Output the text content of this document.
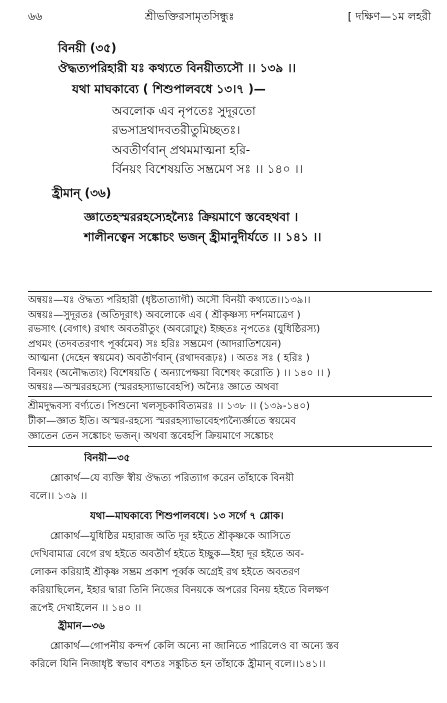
৬৬	শ্রীভক্তিরসামৃতসিন্ধুঃ	[ দক্ষিণ—১ম লহরী
বিনয়ী (৩৫)
ঔদ্ধত্যপরিহারী যঃ কথ্যতে বিনয়ীত্যসৌ ।। ১৩৯ ।।
যথা মাঘকাব্যে ( শিশুপালবধে ১৩।৭ )—
অবলোক এব নৃপতেঃ সুদূরতো
রভসাদ্রথাদবতরীতুমিচ্ছতঃ।
অবতীর্ণবান্ প্রথমমাত্মনা হরি-
র্বিনয়ং বিশেষয়তি সম্ভ্রমেণ সঃ ।। ১৪০ ।।
হ্রীমান্ (৩৬)
জ্ঞাতেহস্মররহস্যেহন্যৈঃ ক্রিয়মাণে স্তবেহথবা ।
শালীনত্বেন সঙ্কোচং ভজন্ হ্রীমানুদীর্যতে ।। ১৪১ ।।
অন্বয়ঃ—যঃ ঔদ্ধত্য পরিহারী (ধৃষ্টতাত্যাগী) অসৌ বিনয়ী কথ্যতে।।১৩৯।।
অন্বয়ঃ—সুদূরতঃ (অতিদূরাৎ) অবলোকে এব ( শ্রীকৃষ্ণস্য দর্শনমাত্রেণ )
রভসাৎ (বেগাৎ) রথাৎ অবতরীতুং (অবরোঢ়ুং) ইচ্ছতঃ নৃপতেঃ (যুধিষ্ঠিরস্য)
প্রথমং (তদবতরণাৎ পূর্ব্বমেব) সঃ হরিঃ সম্ভ্রমেণ (আদরাতিশয়েন)
আত্মনা (দেহেন স্বয়মেব) অবতীর্ণবান্ (রথাদবরূঢ়ঃ) । অতঃ সঃ ( হরিঃ )
বিনয়ং (অনৌদ্ধত্যং) বিশেষয়তি ( অন্যাপেক্ষয়া বিশেষং করোতি ) ।। ১৪০ ।। )
অন্বয়ঃ—অস্মররহস্যে (স্মররহস্যাভাবেহপি) অন্যৈঃ জ্ঞাতে অথবা
শ্রীমদুদ্ধবস্য বর্ণ্যতে। পিশুনো খলসূচকাবিত্যমরঃ ।। ১৩৮ ।। (১৩৯-১৪০)
টীকা—জ্ঞাত ইতি। অস্মর-রহস্যে স্মররহস্যাভাবেহপ্যন্যৈর্জ্ঞাতে স্বয়মেব
জ্ঞাতেন তেন সঙ্কোচং ভজন্। অথবা স্তবেহপি ক্রিয়মাণে সঙ্কোচং
বিনয়ী—৩৫
শ্লোকার্থ—যে ব্যক্তি স্বীয় ঔদ্ধত্য পরিত্যাগ করেন তাঁহাকে বিনয়ী
বলে।। ১৩৯ ।।
যথা—মাঘকাব্যে শিশুপালবধে। ১৩ সর্গে ৭ শ্লোক।
শ্লোকার্থ—যুধিষ্ঠির মহারাজ অতি দূর হইতে শ্রীকৃষ্ণকে আসিতে
দেখিবামাত্র বেগে রথ হইতে অবতীর্ণ হইতে ইচ্ছুক—ইহা দূর হইতে অব-
লোকন করিয়াই শ্রীকৃষ্ণ সম্ভ্রম প্রকাশ পূর্ব্বক অগ্রেই রথ হইতে অবতরণ
করিয়াছিলেন, ইহার দ্বারা তিনি নিজের বিনয়কে অপরের বিনয় হইতে বিলক্ষণ
রূপেই দেখাইলেন ।। ১৪০ ।।
হ্রীমান—৩৬
শ্লোকার্থ—গোপনীয় কন্দর্প কেলি অন্যে না জানিতে পারিলেও বা অন্যে স্তব
করিলে যিনি নিজাধৃষ্ট স্বভাব বশতঃ সঙ্কুচিত হন তাঁহাকে হ্রীমান্ বলে।।১৪১।।
